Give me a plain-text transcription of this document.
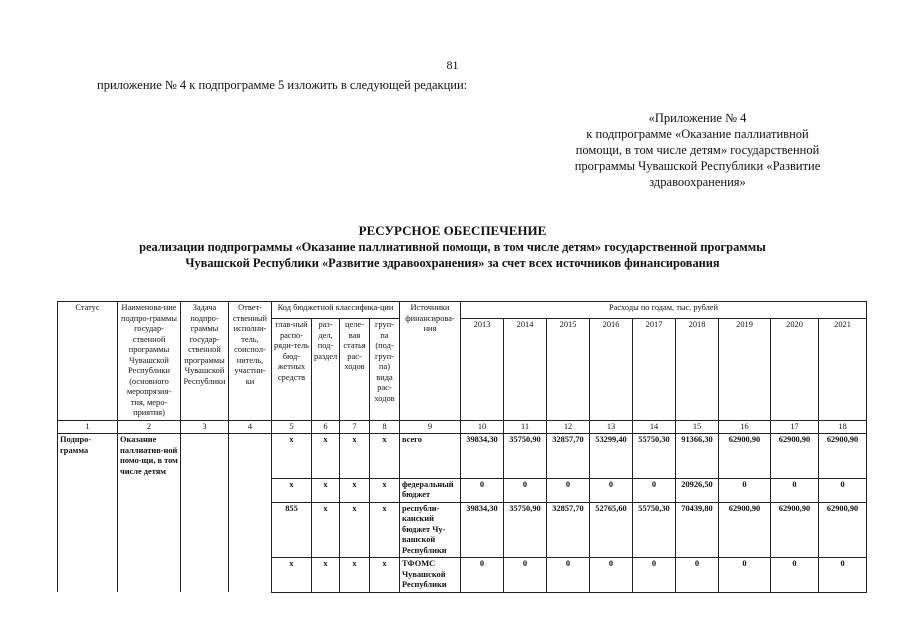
81
приложение № 4 к подпрограмме 5 изложить в следующей редакции:
«Приложение № 4
к подпрограмме «Оказание паллиативной
помощи, в том числе детям» государственной
программы Чувашской Республики «Развитие
здравоохранения»
РЕСУРСНОЕ ОБЕСПЕЧЕНИЕ
реализации подпрограммы «Оказание паллиативной помощи, в том числе детям» государственной программы
Чувашской Республики «Развитие здравоохранения» за счет всех источников финансирования
Статус	Наименова-ние подпро-граммы государ-ственной программы Чувашской Республики (основного меропрязия-тия, меро-приятия)	Задача подпро-граммы государ-ственной программы Чувашской Республики	Ответ-ственный исполни-тель, соиспол-нитель, участни-ки	Код бюджетной классифика-ции				Источники финансирова-ния	Расходы по годам, тыс. рублей								
				глав-ный распо-ряди-тель бюд-жетных средств	раз-дел, под-раздел	целе-вая статья рас-ходов	груп-па (под-груп-па) вида рас-ходов		2013	2014	2015	2016	2017	2018	2019	2020	2021
1	2	3	4	5	6	7	8	9	10	11	12	13	14	15	16	17	18
Подпро-грамма	Оказание паллиатив-ной помо-щи, в том числе детям			x	x	x	x	всего	39834,30	35750,90	32857,70	53299,40	55750,30	91366,30	62900,90	62900,90	62900,90
				x	x	x	x	федеральный бюджет	0	0	0	0	0	20926,50	0	0	0
				855	x	x	x	республи-канский бюджет Чу-вашской Республики	39834,30	35750,90	32857,70	52765,60	55750,30	70439,80	62900,90	62900,90	62900,90
				x	x	x	x	ТФОМС Чувашской Республики	0	0	0	0	0	0	0	0	0
